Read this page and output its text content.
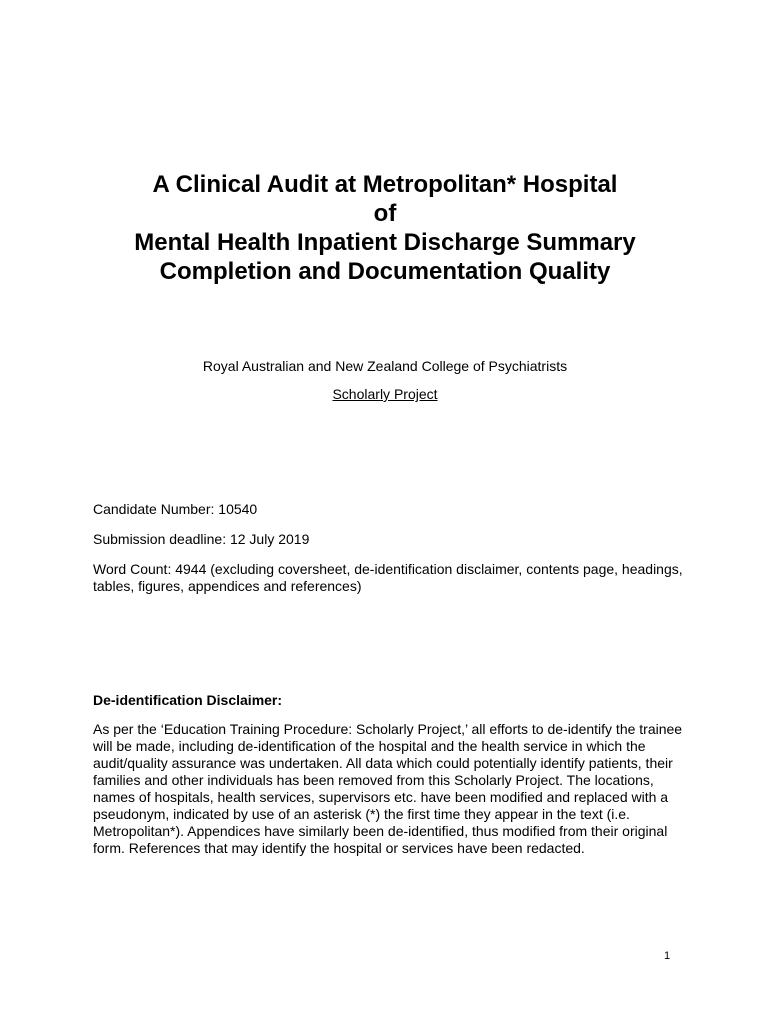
A Clinical Audit at Metropolitan* Hospital
of
Mental Health Inpatient Discharge Summary
Completion and Documentation Quality
Royal Australian and New Zealand College of Psychiatrists
Scholarly Project
Candidate Number: 10540
Submission deadline: 12 July 2019
Word Count: 4944 (excluding coversheet, de-identification disclaimer, contents page, headings, tables, figures, appendices and references)
De-identification Disclaimer:
As per the ‘Education Training Procedure: Scholarly Project,’ all efforts to de-identify the trainee will be made, including de-identification of the hospital and the health service in which the audit/quality assurance was undertaken. All data which could potentially identify patients, their families and other individuals has been removed from this Scholarly Project. The locations, names of hospitals, health services, supervisors etc. have been modified and replaced with a pseudonym, indicated by use of an asterisk (*) the first time they appear in the text (i.e. Metropolitan*). Appendices have similarly been de-identified, thus modified from their original form. References that may identify the hospital or services have been redacted.
1
